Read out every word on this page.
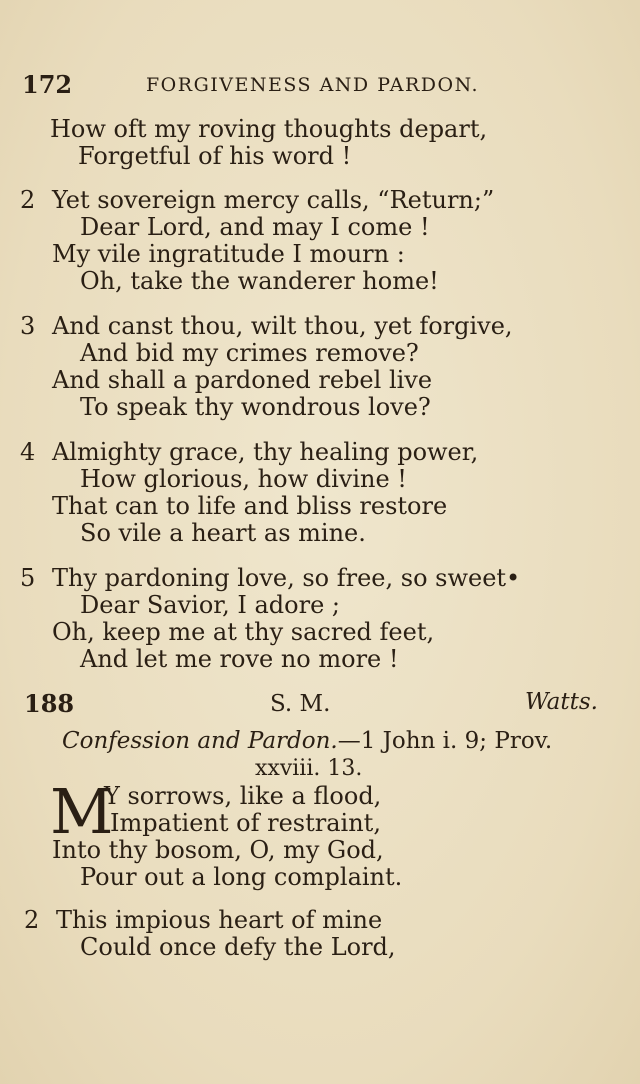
172	FORGIVENESS AND PARDON.
How oft my roving thoughts depart,
Forgetful of his word !
2 Yet sovereign mercy calls, “Return;”
Dear Lord, and may I come !
My vile ingratitude I mourn :
Oh, take the wanderer home!
3 And canst thou, wilt thou, yet forgive,
And bid my crimes remove?
And shall a pardoned rebel live
To speak thy wondrous love?
4 Almighty grace, thy healing power,
How glorious, how divine !
That can to life and bliss restore
So vile a heart as mine.
5 Thy pardoning love, so free, so sweet•
Dear Savior, I adore ;
Oh, keep me at thy sacred feet,
And let me rove no more !
188	S. M.	Watts.
Confession and Pardon.—1 John i. 9; Prov.
xxviii. 13.
M
Y sorrows, like a flood,
Impatient of restraint,
Into thy bosom, O, my God,
Pour out a long complaint.
2 This impious heart of mine
Could once defy the Lord,
